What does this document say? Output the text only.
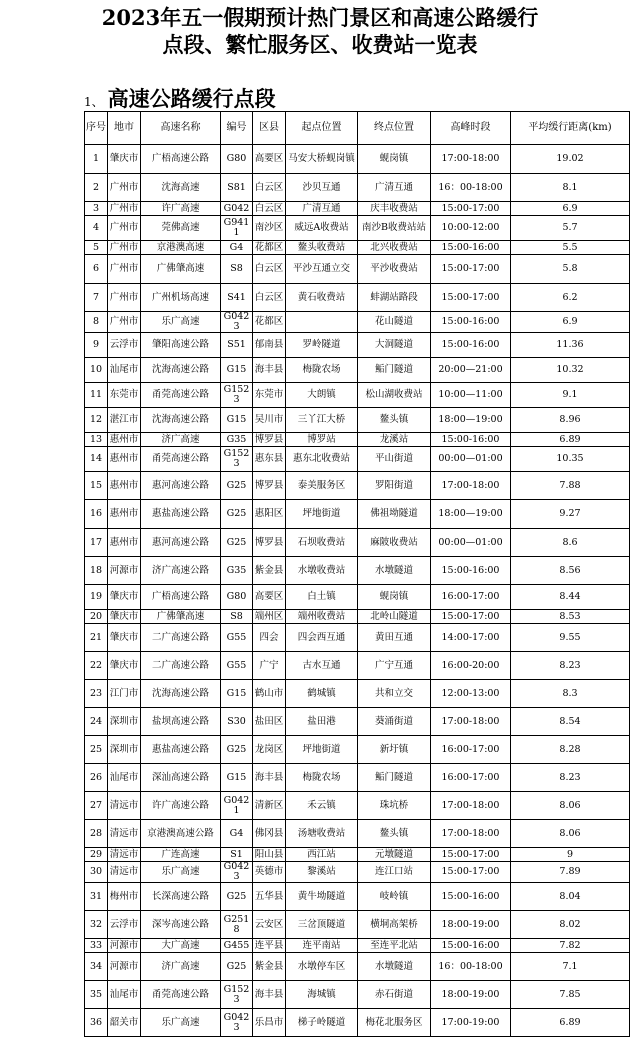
2023年五一假期预计热门景区和高速公路缓行
点段、繁忙服务区、收费站一览表
1、 高速公路缓行点段
序号	地市	高速名称	编号	区县	起点位置	终点位置	高峰时段	平均缓行距离(km)
1	肇庆市	广梧高速公路	G80	高要区	马安大桥蚬岗镇	蚬岗镇	17:00-18:00	19.02
2	广州市	沈海高速	S81	白云区	沙贝互通	广清互通	16：00-18:00	8.1
3	广州市	许广高速	G042	白云区	广清互通	庆丰收费站	15:00-17:00	6.9
4	广州市	莞佛高速	G9411	南沙区	威远A收费站	南沙B收费站站	10:00-12:00	5.7
5	广州市	京港澳高速	G4	花都区	鳌头收费站	北兴收费站	15:00-16:00	5.5
6	广州市	广佛肇高速	S8	白云区	平沙互通立交	平沙收费站	15:00-17:00	5.8
7	广州市	广州机场高速	S41	白云区	黄石收费站	蚌湖站路段	15:00-17:00	6.2
8	广州市	乐广高速	G0423	花都区		花山隧道	15:00-16:00	6.9
9	云浮市	肇阳高速公路	S51	郁南县	罗岭隧道	大洞隧道	15:00-16:00	11.36
10	汕尾市	沈海高速公路	G15	海丰县	梅陇农场	鲘门隧道	20:00—21:00	10.32
11	东莞市	甬莞高速公路	G1523	东莞市	大朗镇	松山湖收费站	10:00—11:00	9.1
12	湛江市	沈海高速公路	G15	吴川市	三丫江大桥	鳌头镇	18:00—19:00	8.96
13	惠州市	济广高速	G35	博罗县	博罗站	龙溪站	15:00-16:00	6.89
14	惠州市	甬莞高速公路	G1523	惠东县	惠东北收费站	平山街道	00:00—01:00	10.35
15	惠州市	惠河高速公路	G25	博罗县	泰美服务区	罗阳街道	17:00-18:00	7.88
16	惠州市	惠盐高速公路	G25	惠阳区	坪地街道	佛祖坳隧道	18:00—19:00	9.27
17	惠州市	惠河高速公路	G25	博罗县	石坝收费站	麻陂收费站	00:00—01:00	8.6
18	河源市	济广高速公路	G35	紫金县	水墩收费站	水墩隧道	15:00-16:00	8.56
19	肇庆市	广梧高速公路	G80	高要区	白土镇	蚬岗镇	16:00-17:00	8.44
20	肇庆市	广佛肇高速	S8	端州区	端州收费站	北岭山隧道	15:00-17:00	8.53
21	肇庆市	二广高速公路	G55	四会	四会西互通	黄田互通	14:00-17:00	9.55
22	肇庆市	二广高速公路	G55	广宁	古水互通	广宁互通	16:00-20:00	8.23
23	江门市	沈海高速公路	G15	鹤山市	鹤城镇	共和立交	12:00-13:00	8.3
24	深圳市	盐坝高速公路	S30	盐田区	盐田港	葵涌街道	17:00-18:00	8.54
25	深圳市	惠盐高速公路	G25	龙岗区	坪地街道	新圩镇	16:00-17:00	8.28
26	汕尾市	深汕高速公路	G15	海丰县	梅陇农场	鲘门隧道	16:00-17:00	8.23
27	清远市	许广高速公路	G0421	清新区	禾云镇	珠坑桥	17:00-18:00	8.06
28	清远市	京港澳高速公路	G4	佛冈县	汤塘收费站	鳌头镇	17:00-18:00	8.06
29	清远市	广连高速	S1	阳山县	西江站	元墩隧道	15:00-17:00	9
30	清远市	乐广高速	G0423	英德市	黎溪站	连江口站	15:00-17:00	7.89
31	梅州市	长深高速公路	G25	五华县	黄牛坳隧道	岐岭镇	15:00-16:00	8.04
32	云浮市	深岑高速公路	G2518	云安区	三岔顶隧道	横垌高架桥	18:00-19:00	8.02
33	河源市	大广高速	G455	连平县	连平南站	至连平北站	15:00-16:00	7.82
34	河源市	济广高速	G25	紫金县	水墩停车区	水墩隧道	16：00-18:00	7.1
35	汕尾市	甬莞高速公路	G1523	海丰县	海城镇	赤石街道	18:00-19:00	7.85
36	韶关市	乐广高速	G0423	乐昌市	梯子岭隧道	梅花北服务区	17:00-19:00	6.89
